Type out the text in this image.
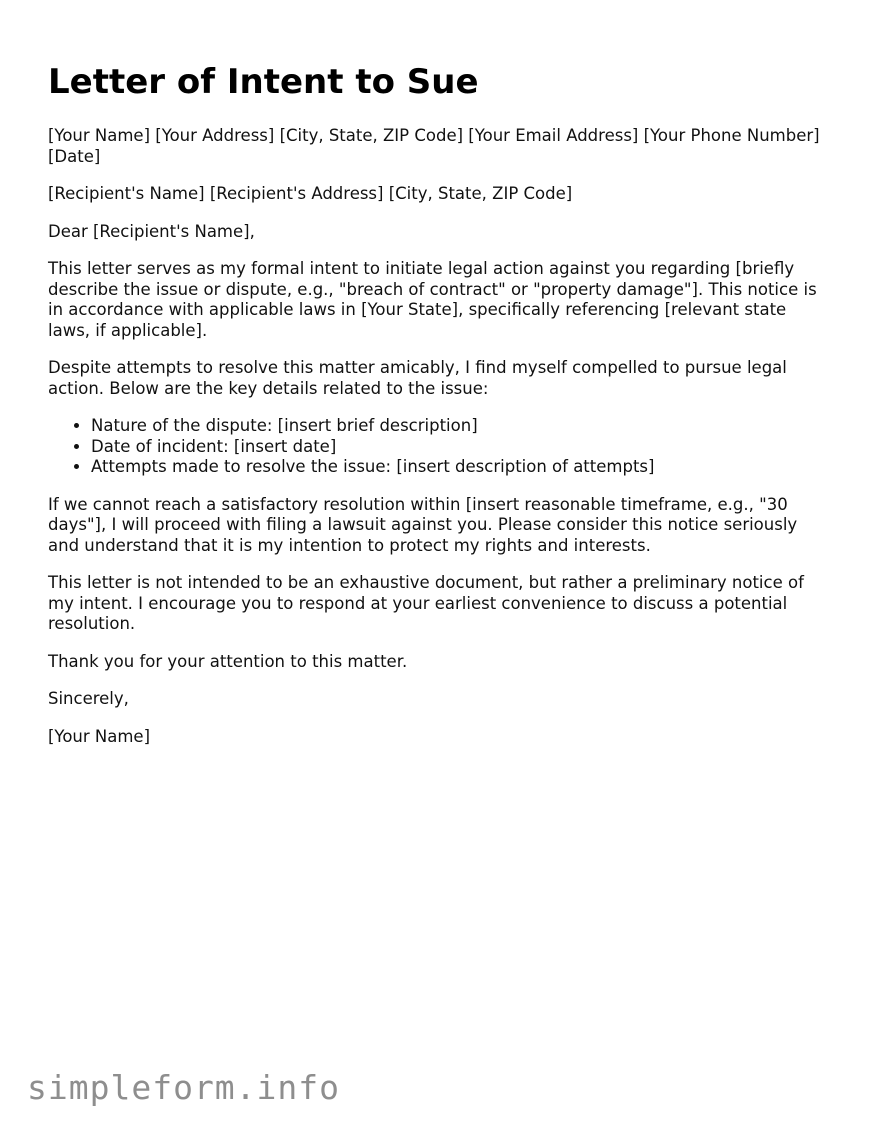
Letter of Intent to Sue

[Your Name] [Your Address] [City, State, ZIP Code] [Your Email Address] [Your Phone Number] [Date]

[Recipient's Name] [Recipient's Address] [City, State, ZIP Code]

Dear [Recipient's Name],

This letter serves as my formal intent to initiate legal action against you regarding [briefly describe the issue or dispute, e.g., "breach of contract" or "property damage"]. This notice is in accordance with applicable laws in [Your State], specifically referencing [relevant state laws, if applicable].

Despite attempts to resolve this matter amicably, I find myself compelled to pursue legal action. Below are the key details related to the issue:

• Nature of the dispute: [insert brief description]
• Date of incident: [insert date]
• Attempts made to resolve the issue: [insert description of attempts]

If we cannot reach a satisfactory resolution within [insert reasonable timeframe, e.g., "30 days"], I will proceed with filing a lawsuit against you. Please consider this notice seriously and understand that it is my intention to protect my rights and interests.

This letter is not intended to be an exhaustive document, but rather a preliminary notice of my intent. I encourage you to respond at your earliest convenience to discuss a potential resolution.

Thank you for your attention to this matter.

Sincerely,

[Your Name]

simpleform.info
